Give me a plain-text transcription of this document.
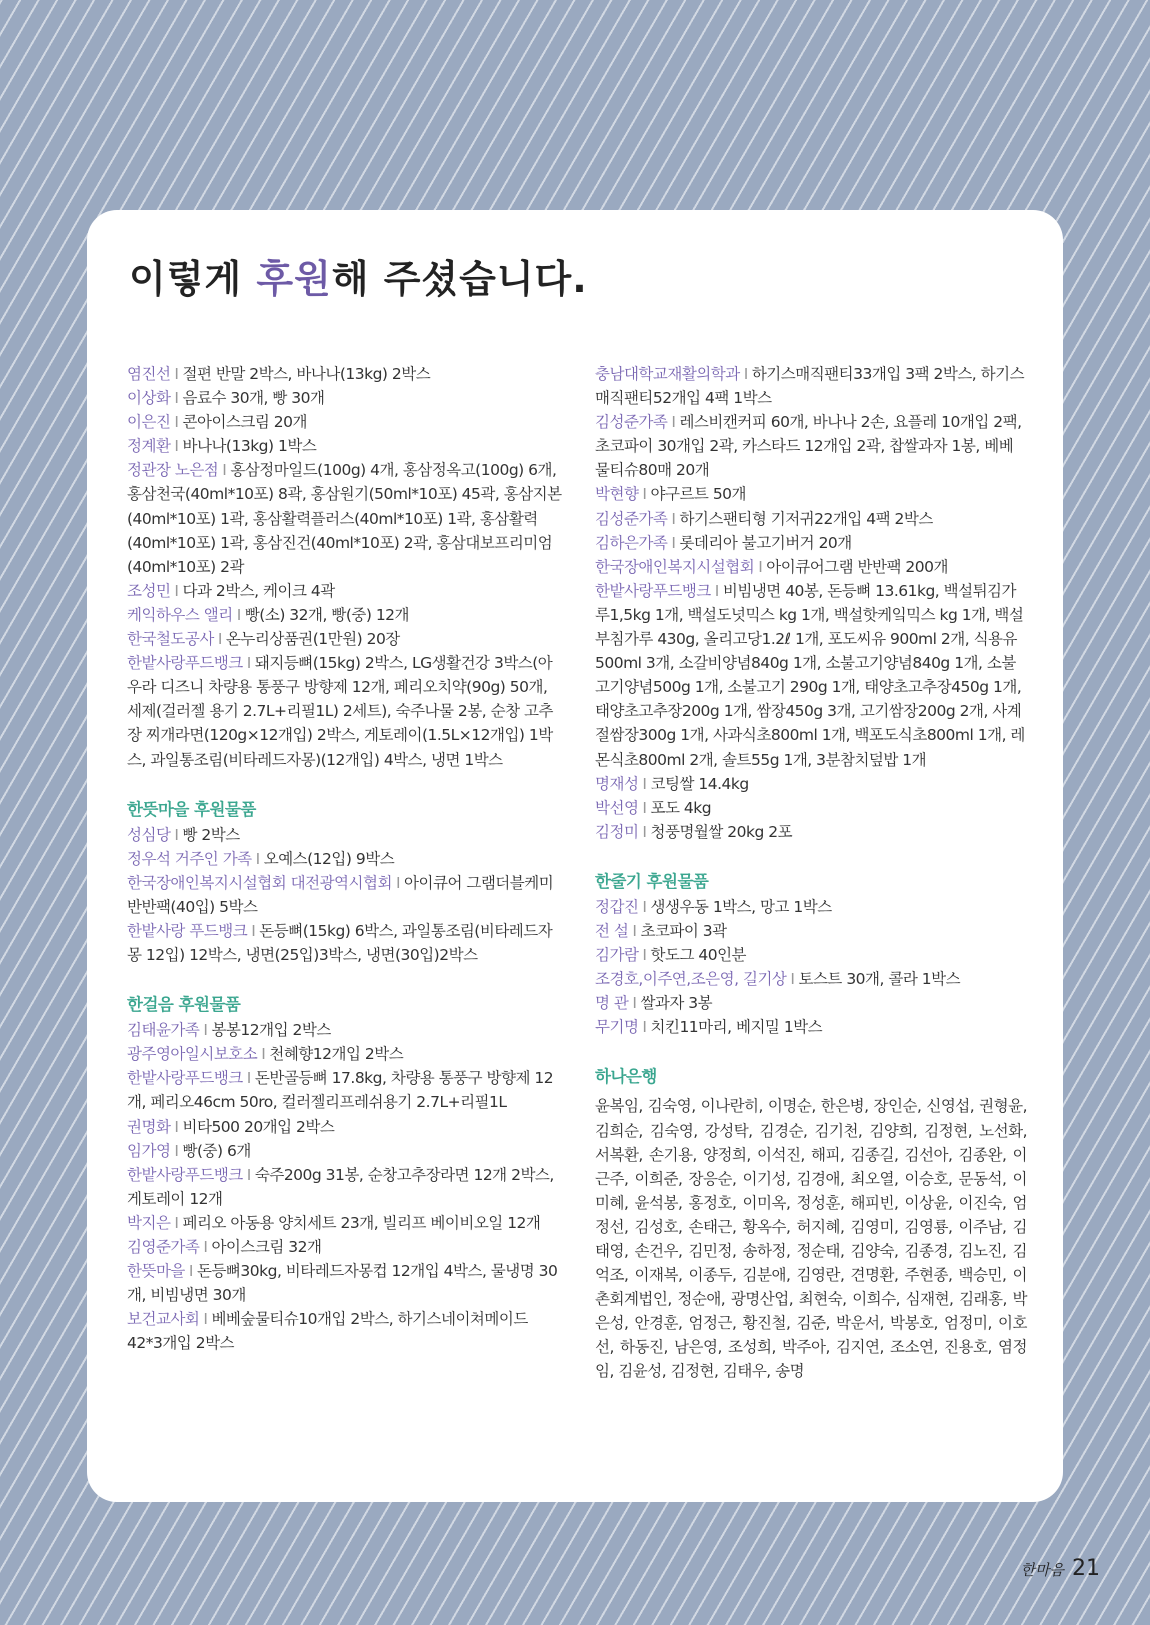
이렇게 후원해 주셨습니다.

염진선 I 절편 반말 2박스, 바나나(13kg) 2박스

이상화 I 음료수 30개, 빵 30개

이은진 I 콘아이스크림 20개

정계환 I 바나나(13kg) 1박스

정관장 노은점 I 홍삼정마일드(100g) 4개, 홍삼정옥고(100g) 6개, 홍삼천국(40ml*10포) 8곽, 홍삼원기(50ml*10포) 45곽, 홍삼지본(40ml*10포) 1곽, 홍삼활력플러스(40ml*10포) 1곽, 홍삼활력(40ml*10포) 1곽, 홍삼진건(40ml*10포) 2곽, 홍삼대보프리미엄(40ml*10포) 2곽

조성민 I 다과 2박스, 케이크 4곽

케익하우스 앨리 I 빵(소) 32개, 빵(중) 12개

한국철도공사 I 온누리상품권(1만원) 20장

한밭사랑푸드뱅크 I 돼지등뼈(15kg) 2박스, LG생활건강 3박스(아우라 디즈니 차량용 통풍구 방향제 12개, 페리오치약(90g) 50개, 세제(걸러젤 용기 2.7L+리필1L) 2세트), 숙주나물 2봉, 순창 고추장 찌개라면(120g×12개입) 2박스, 게토레이(1.5L×12개입) 1박스, 과일통조림(비타레드자몽)(12개입) 4박스, 냉면 1박스

한뜻마을 후원물품

성심당 I 빵 2박스

정우석 거주인 가족 I 오예스(12입) 9박스

한국장애인복지시설협회 대전광역시협회 I 아이큐어 그램더블케미 반반팩(40입) 5박스

한밭사랑 푸드뱅크 I 돈등뼈(15kg) 6박스, 과일통조림(비타레드자몽 12입) 12박스, 냉면(25입)3박스, 냉면(30입)2박스

한걸음 후원물품

김태윤가족 I 봉봉12개입 2박스

광주영아일시보호소 I 천혜향12개입 2박스

한밭사랑푸드뱅크 I 돈반골등뼈 17.8kg, 차량용 통풍구 방향제 12개, 페리오46cm 50ro, 컬러젤리프레쉬용기 2.7L+리필1L

권명화 I 비타500 20개입 2박스

임가영 I 빵(중) 6개

한밭사랑푸드뱅크 I 숙주200g 31봉, 순창고추장라면 12개 2박스, 게토레이 12개

박지은 I 페리오 아동용 양치세트 23개, 빌리프 베이비오일 12개

김영준가족 I 아이스크림 32개

한뜻마을 I 돈등뼈30kg, 비타레드자몽컵 12개입 4박스, 물냉명 30개, 비빔냉면 30개

보건교사회 I 베베숲물티슈10개입 2박스, 하기스네이쳐메이드42*3개입 2박스

충남대학교재활의학과 I 하기스매직팬티33개입 3팩 2박스, 하기스매직팬티52개입 4팩 1박스

김성준가족 I 레스비캔커피 60개, 바나나 2손, 요플레 10개입 2팩, 초코파이 30개입 2곽, 카스타드 12개입 2곽, 찹쌀과자 1봉, 베베물티슈80매 20개

박현향 I 야구르트 50개

김성준가족 I 하기스팬티형 기저귀22개입 4팩 2박스

김하은가족 I 롯데리아 불고기버거 20개

한국장애인복지시설협회 I 아이큐어그램 반반팩 200개

한밭사랑푸드뱅크 I 비빔냉면 40봉, 돈등뼈 13.61kg, 백설튀김가루1,5kg 1개, 백설도넛믹스 kg 1개, 백설핫케잌믹스 kg 1개, 백설부침가루 430g, 올리고당1.2ℓ 1개, 포도씨유 900ml 2개, 식용유500ml 3개, 소갈비양념840g 1개, 소불고기양념840g 1개, 소불고기양념500g 1개, 소불고기 290g 1개, 태양초고추장450g 1개, 태양초고추장200g 1개, 쌈장450g 3개, 고기쌈장200g 2개, 사계절쌈장300g 1개, 사과식초800ml 1개, 백포도식초800ml 1개, 레몬식초800ml 2개, 솔트55g 1개, 3분참치덮밥 1개

명재성 I 코팅쌀 14.4kg

박선영 I 포도 4kg

김정미 I 청풍명월쌀 20kg 2포

한줄기 후원물품

정갑진 I 생생우동 1박스, 망고 1박스

전 설 I 초코파이 3곽

김가람 I 핫도그 40인분

조경호,이주연,조은영, 길기상 I 토스트 30개, 콜라 1박스

명 관 I 쌀과자 3봉

무기명 I 치킨11마리, 베지밀 1박스

하나은행

윤복임, 김숙영, 이나란히, 이명순, 한은병, 장인순, 신영섭, 권형윤, 김희순, 김숙영, 강성탁, 김경순, 김기천, 김양희, 김정현, 노선화, 서복환, 손기용, 양정희, 이석진, 해피, 김종길, 김선아, 김종완, 이근주, 이희준, 장응순, 이기성, 김경애, 최오열, 이승호, 문동석, 이미혜, 윤석봉, 홍정호, 이미옥, 정성훈, 해피빈, 이상윤, 이진숙, 엄정선, 김성호, 손태근, 황옥수, 허지혜, 김영미, 김영룡, 이주남, 김태영, 손건우, 김민정, 송하정, 정순태, 김양숙, 김종경, 김노진, 김억조, 이재복, 이종두, 김분애, 김영란, 견명환, 주현종, 백승민, 이촌회계법인, 정순애, 광명산업, 최현숙, 이희수, 심재현, 김래홍, 박은성, 안경훈, 엄정근, 황진철, 김준, 박운서, 박봉호, 엄정미, 이호선, 하동진, 남은영, 조성희, 박주아, 김지연, 조소연, 진용호, 염정임, 김윤성, 김정현, 김태우, 송명

한마음 21
